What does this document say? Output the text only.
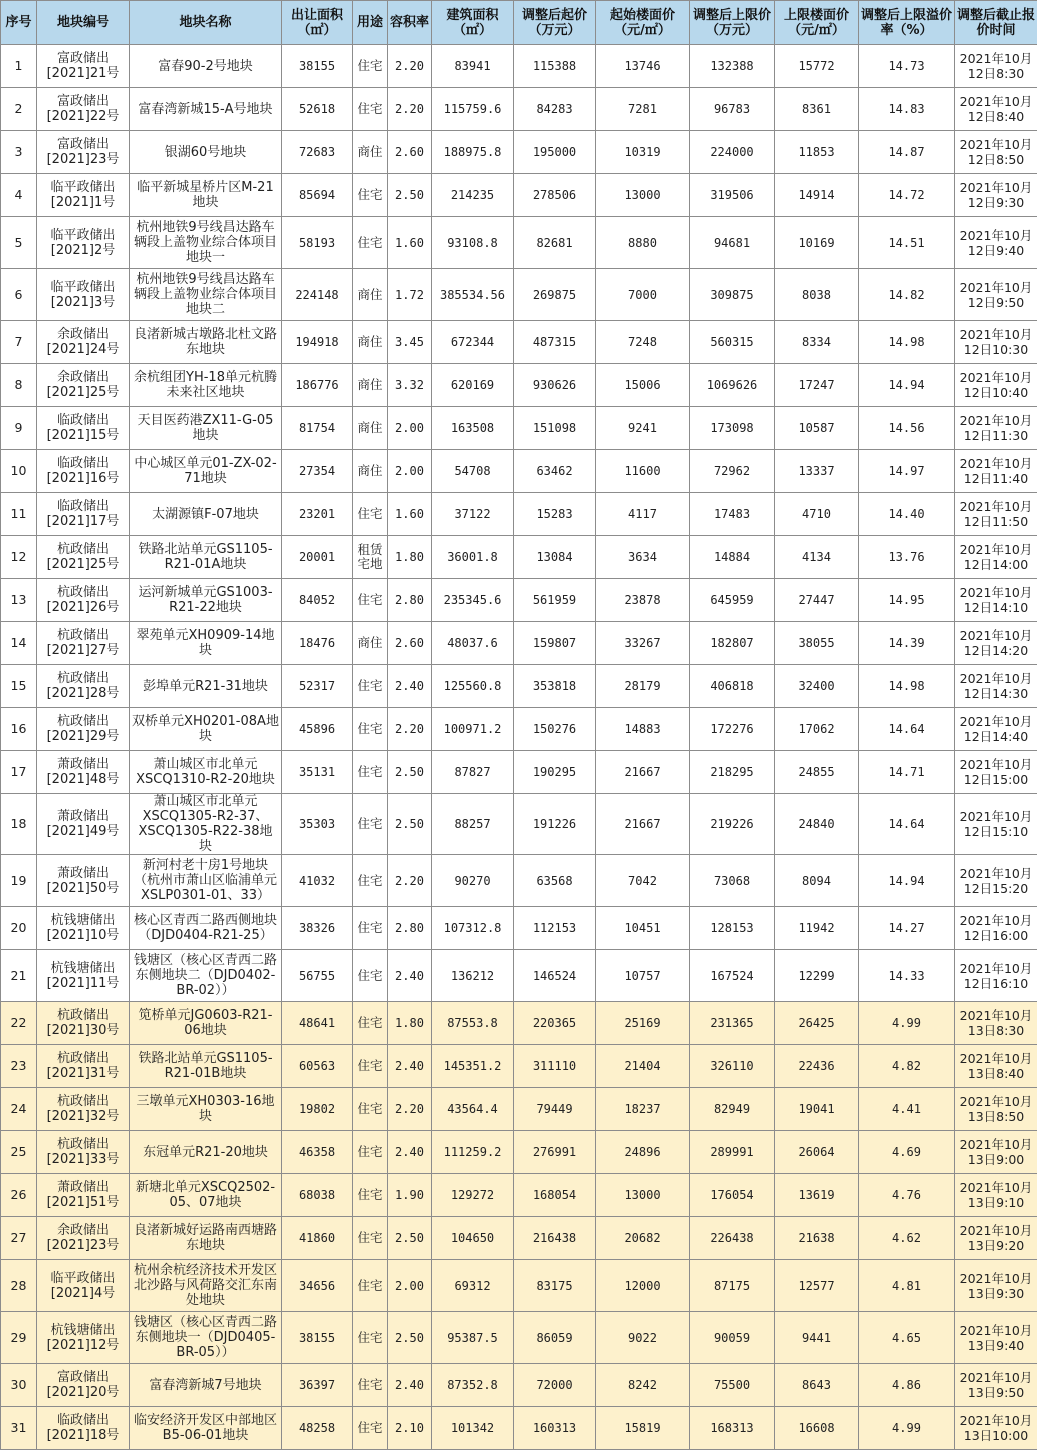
序号	地块编号	地块名称	出让面积（㎡）	用途	容积率	建筑面积（㎡）	调整后起价（万元）	起始楼面价（元/㎡）	调整后上限价（万元）	上限楼面价（元/㎡）	调整后上限溢价率（%）	调整后截止报价时间
1	富政储出[2021]21号	富春90-2号地块	38155	住宅	2.20	83941	115388	13746	132388	15772	14.73	2021年10月12日8:30
2	富政储出[2021]22号	富春湾新城15-A号地块	52618	住宅	2.20	115759.6	84283	7281	96783	8361	14.83	2021年10月12日8:40
3	富政储出[2021]23号	银湖60号地块	72683	商住	2.60	188975.8	195000	10319	224000	11853	14.87	2021年10月12日8:50
4	临平政储出[2021]1号	临平新城星桥片区M-21地块	85694	住宅	2.50	214235	278506	13000	319506	14914	14.72	2021年10月12日9:30
5	临平政储出[2021]2号	杭州地铁9号线昌达路车辆段上盖物业综合体项目地块一	58193	住宅	1.60	93108.8	82681	8880	94681	10169	14.51	2021年10月12日9:40
6	临平政储出[2021]3号	杭州地铁9号线昌达路车辆段上盖物业综合体项目地块二	224148	商住	1.72	385534.56	269875	7000	309875	8038	14.82	2021年10月12日9:50
7	余政储出[2021]24号	良渚新城古墩路北杜文路东地块	194918	商住	3.45	672344	487315	7248	560315	8334	14.98	2021年10月12日10:30
8	余政储出[2021]25号	余杭组团YH-18单元杭腾未来社区地块	186776	商住	3.32	620169	930626	15006	1069626	17247	14.94	2021年10月12日10:40
9	临政储出[2021]15号	天目医药港ZX11-G-05地块	81754	商住	2.00	163508	151098	9241	173098	10587	14.56	2021年10月12日11:30
10	临政储出[2021]16号	中心城区单元01-ZX-02-71地块	27354	商住	2.00	54708	63462	11600	72962	13337	14.97	2021年10月12日11:40
11	临政储出[2021]17号	太湖源镇F-07地块	23201	住宅	1.60	37122	15283	4117	17483	4710	14.40	2021年10月12日11:50
12	杭政储出[2021]25号	铁路北站单元GS1105-R21-01A地块	20001	租赁宅地	1.80	36001.8	13084	3634	14884	4134	13.76	2021年10月12日14:00
13	杭政储出[2021]26号	运河新城单元GS1003-R21-22地块	84052	住宅	2.80	235345.6	561959	23878	645959	27447	14.95	2021年10月12日14:10
14	杭政储出[2021]27号	翠苑单元XH0909-14地块	18476	商住	2.60	48037.6	159807	33267	182807	38055	14.39	2021年10月12日14:20
15	杭政储出[2021]28号	彭埠单元R21-31地块	52317	住宅	2.40	125560.8	353818	28179	406818	32400	14.98	2021年10月12日14:30
16	杭政储出[2021]29号	双桥单元XH0201-08A地块	45896	住宅	2.20	100971.2	150276	14883	172276	17062	14.64	2021年10月12日14:40
17	萧政储出[2021]48号	萧山城区市北单元XSCQ1310-R2-20地块	35131	住宅	2.50	87827	190295	21667	218295	24855	14.71	2021年10月12日15:00
18	萧政储出[2021]49号	萧山城区市北单元XSCQ1305-R2-37、XSCQ1305-R22-38地块	35303	住宅	2.50	88257	191226	21667	219226	24840	14.64	2021年10月12日15:10
19	萧政储出[2021]50号	新河村老十房1号地块（杭州市萧山区临浦单元XSLP0301-01、33）	41032	住宅	2.20	90270	63568	7042	73068	8094	14.94	2021年10月12日15:20
20	杭钱塘储出[2021]10号	核心区青西二路西侧地块（DJD0404-R21-25）	38326	住宅	2.80	107312.8	112153	10451	128153	11942	14.27	2021年10月12日16:00
21	杭钱塘储出[2021]11号	钱塘区（核心区青西二路东侧地块二（DJD0402-BR-02））	56755	住宅	2.40	136212	146524	10757	167524	12299	14.33	2021年10月12日16:10
22	杭政储出[2021]30号	笕桥单元JG0603-R21-06地块	48641	住宅	1.80	87553.8	220365	25169	231365	26425	4.99	2021年10月13日8:30
23	杭政储出[2021]31号	铁路北站单元GS1105-R21-01B地块	60563	住宅	2.40	145351.2	311110	21404	326110	22436	4.82	2021年10月13日8:40
24	杭政储出[2021]32号	三墩单元XH0303-16地块	19802	住宅	2.20	43564.4	79449	18237	82949	19041	4.41	2021年10月13日8:50
25	杭政储出[2021]33号	东冠单元R21-20地块	46358	住宅	2.40	111259.2	276991	24896	289991	26064	4.69	2021年10月13日9:00
26	萧政储出[2021]51号	新塘北单元XSCQ2502-05、07地块	68038	住宅	1.90	129272	168054	13000	176054	13619	4.76	2021年10月13日9:10
27	余政储出[2021]23号	良渚新城好运路南西塘路东地块	41860	住宅	2.50	104650	216438	20682	226438	21638	4.62	2021年10月13日9:20
28	临平政储出[2021]4号	杭州余杭经济技术开发区北沙路与风荷路交汇东南处地块	34656	住宅	2.00	69312	83175	12000	87175	12577	4.81	2021年10月13日9:30
29	杭钱塘储出[2021]12号	钱塘区（核心区青西二路东侧地块一（DJD0405-BR-05））	38155	住宅	2.50	95387.5	86059	9022	90059	9441	4.65	2021年10月13日9:40
30	富政储出[2021]20号	富春湾新城7号地块	36397	住宅	2.40	87352.8	72000	8242	75500	8643	4.86	2021年10月13日9:50
31	临政储出[2021]18号	临安经济开发区中部地区B5-06-01地块	48258	住宅	2.10	101342	160313	15819	168313	16608	4.99	2021年10月13日10:00
